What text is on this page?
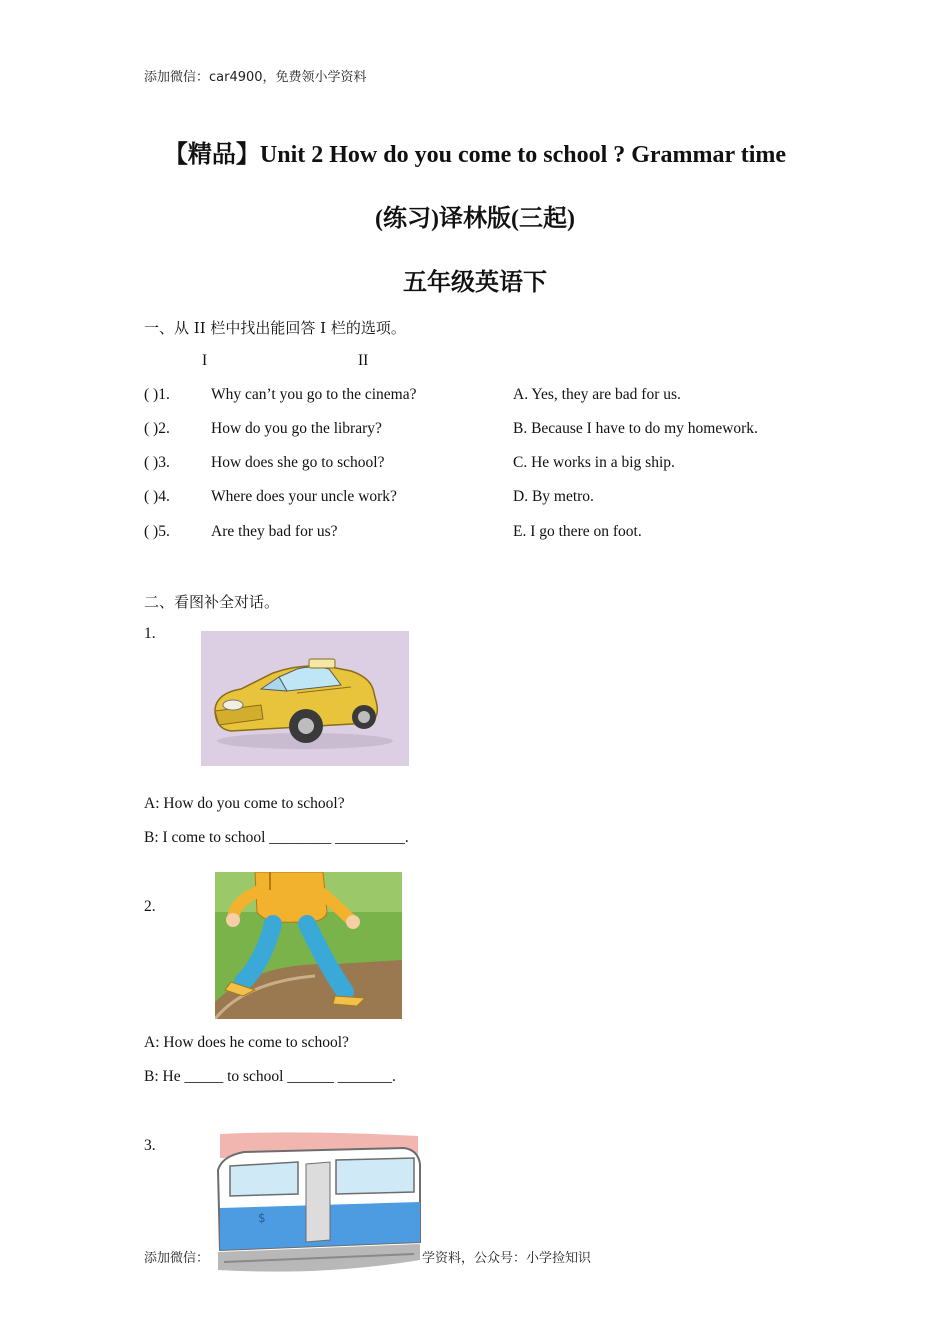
添加微信：car4900，免费领小学资料
【精品】Unit 2 How do you come to school ? Grammar time
(练习)译林版(三起)
五年级英语下
一、从 II 栏中找出能回答 I 栏的选项。
I	II
( )1.	Why can’t you go to the cinema?	A. Yes, they are bad for us.
( )2.	How do you go the library?	B. Because I have to do my homework.
( )3.	How does she go to school?	C. He works in a big ship.
( )4.	Where does your uncle work?	D. By metro.
( )5.	Are they bad for us?	E. I go there on foot.
二、看图补全对话。
1.
A: How do you come to school?
B: I come to school ________ _________.
2.
A: How does he come to school?
B: He _____ to school ______ _______.
3.
$
添加微信：	学资料，公众号：小学捡知识
